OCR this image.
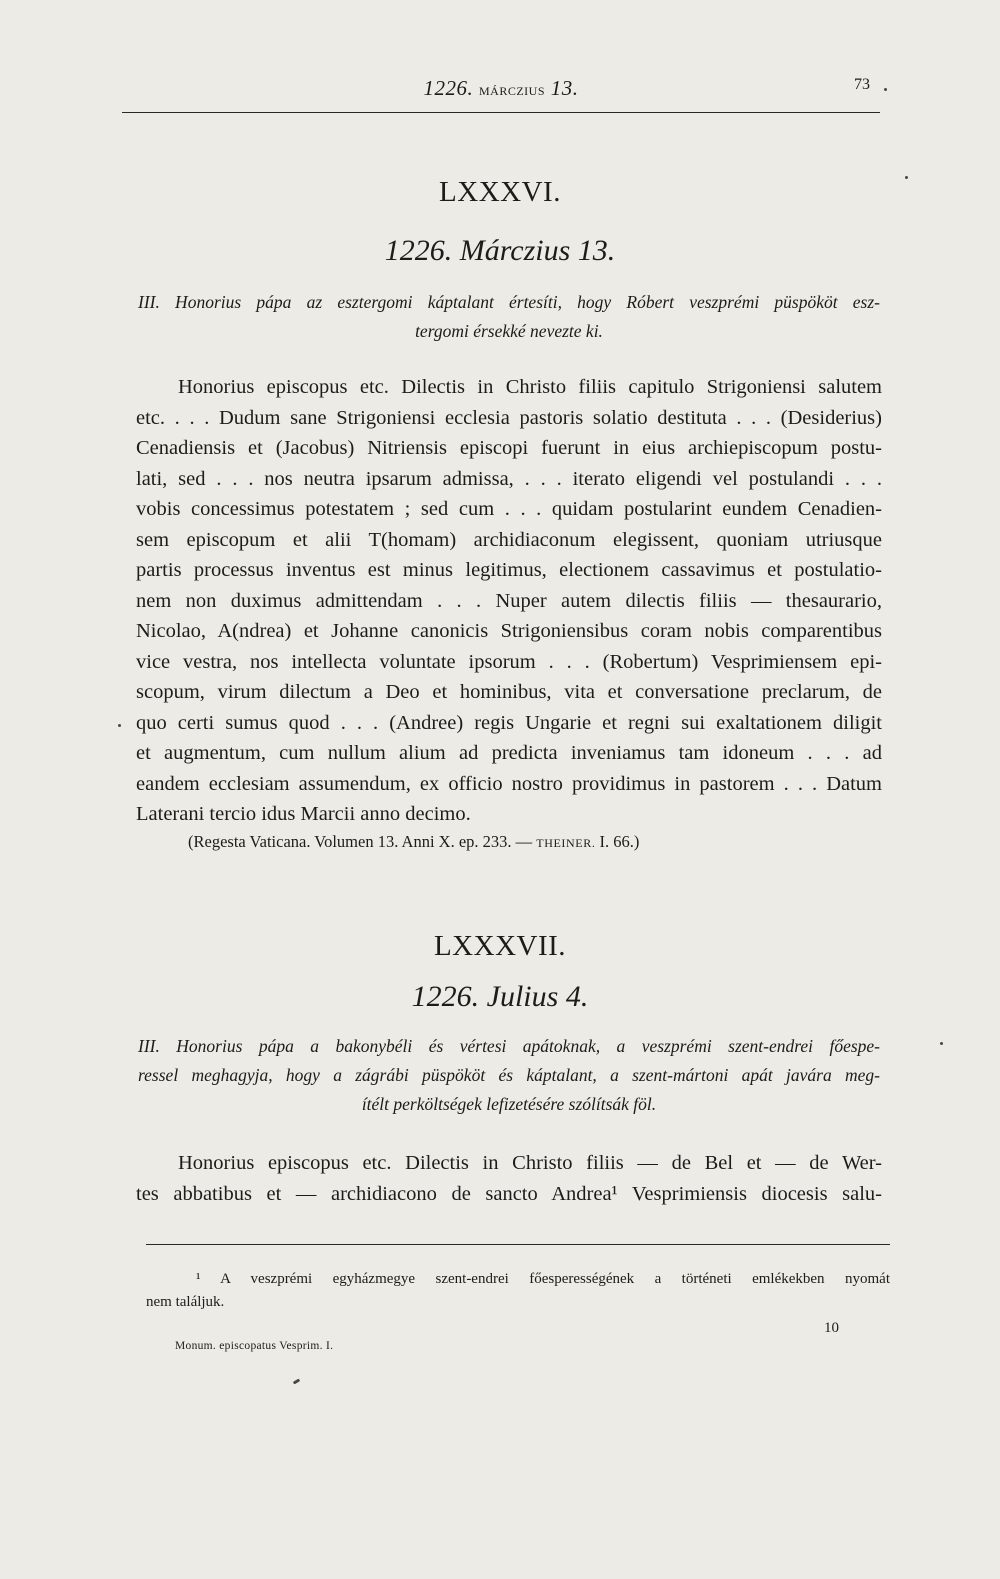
1226. MÁRCZIUS 13.	73
LXXXVI.
1226. Márczius 13.
III. Honorius pápa az esztergomi káptalant értesíti, hogy Róbert veszprémi püspököt esz-
tergomi érsekké nevezte ki.
Honorius episcopus etc. Dilectis in Christo filiis capitulo Strigoniensi salutem
etc. . . . Dudum sane Strigoniensi ecclesia pastoris solatio destituta . . . (Desiderius)
Cenadiensis et (Jacobus) Nitriensis episcopi fuerunt in eius archiepiscopum postu-
lati, sed . . . nos neutra ipsarum admissa, . . . iterato eligendi vel postulandi . . .
vobis concessimus potestatem ; sed cum . . . quidam postularint eundem Cenadien-
sem episcopum et alii T(homam) archidiaconum elegissent, quoniam utriusque
partis processus inventus est minus legitimus, electionem cassavimus et postulatio-
nem non duximus admittendam . . . Nuper autem dilectis filiis — thesaurario,
Nicolao, A(ndrea) et Johanne canonicis Strigoniensibus coram nobis comparentibus
vice vestra, nos intellecta voluntate ipsorum . . . (Robertum) Vesprimiensem epi-
scopum, virum dilectum a Deo et hominibus, vita et conversatione preclarum, de
quo certi sumus quod . . . (Andree) regis Ungarie et regni sui exaltationem diligit
et augmentum, cum nullum alium ad predicta inveniamus tam idoneum . . . ad
eandem ecclesiam assumendum, ex officio nostro providimus in pastorem . . . Datum
Laterani tercio idus Marcii anno decimo.
(Regesta Vaticana. Volumen 13. Anni X. ep. 233. — THEINER. I. 66.)
LXXXVII.
1226. Julius 4.
III. Honorius pápa a bakonybéli és vértesi apátoknak, a veszprémi szent-endrei főespe-
ressel meghagyja, hogy a zágrábi püspököt és káptalant, a szent-mártoni apát javára meg-
ítélt perköltségek lefizetésére szólítsák föl.
Honorius episcopus etc. Dilectis in Christo filiis — de Bel et — de Wer-
tes abbatibus et — archidiacono de sancto Andrea¹ Vesprimiensis diocesis salu-
¹ A veszprémi egyházmegye szent-endrei főesperességének a történeti emlékekben nyomát
nem találjuk.
Monum. episcopatus Vesprim. I.
10
